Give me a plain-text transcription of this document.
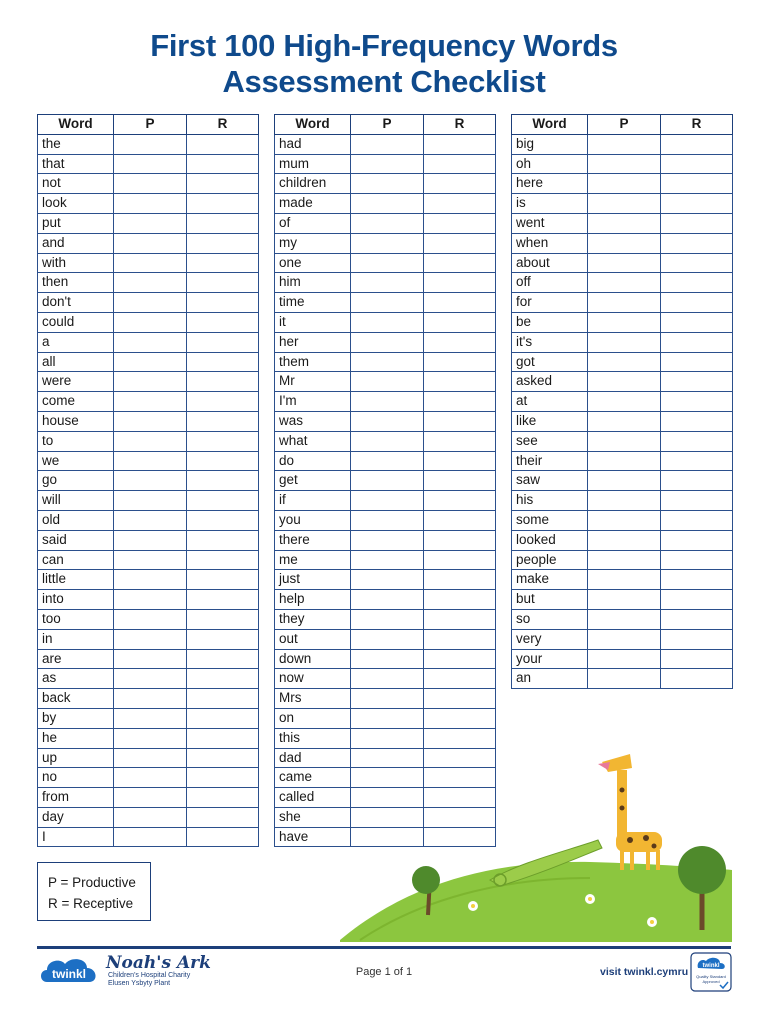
First 100 High-Frequency Words
Assessment Checklist
Word	P	R
the		
that		
not		
look		
put		
and		
with		
then		
don't		
could		
a		
all		
were		
come		
house		
to		
we		
go		
will		
old		
said		
can		
little		
into		
too		
in		
are		
as		
back		
by		
he		
up		
no		
from		
day		
I		
Word	P	R
had		
mum		
children		
made		
of		
my		
one		
him		
time		
it		
her		
them		
Mr		
I'm		
was		
what		
do		
get		
if		
you		
there		
me		
just		
help		
they		
out		
down		
now		
Mrs		
on		
this		
dad		
came		
called		
she		
have		
Word	P	R
big		
oh		
here		
is		
went		
when		
about		
off		
for		
be		
it's		
got		
asked		
at		
like		
see		
their		
saw		
his		
some		
looked		
people		
make		
but		
so		
very		
your		
an		
P = Productive
R = Receptive
twinkl
Noah's Ark
Children's Hospital Charity
Elusen Ysbyty Plant
Page 1 of 1	visit twinkl.cymru twinkl
Quality Standard
Approved
